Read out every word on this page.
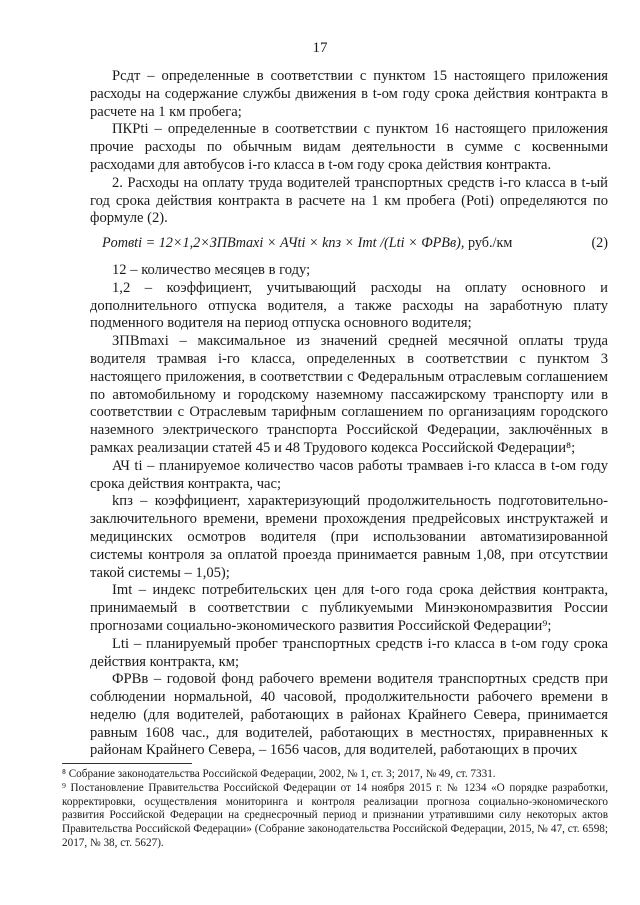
17

Рсдт – определенные в соответствии с пунктом 15 настоящего приложения расходы на содержание службы движения в t-ом году срока действия контракта в расчете на 1 км пробега;

ПКРti – определенные в соответствии с пунктом 16 настоящего приложения прочие расходы по обычным видам деятельности в сумме с косвенными расходами для автобусов i-го класса в t-ом году срока действия контракта.

2. Расходы на оплату труда водителей транспортных средств i-го класса в t-ый год срока действия контракта в расчете на 1 км пробега (Роti) определяются по формуле (2).

Pотвti = 12×1,2×ЗПВmaxi × АЧti × kпз × Imt /(Lti × ФРВв), руб./км	(2)

12 – количество месяцев в году;

1,2 – коэффициент, учитывающий расходы на оплату основного и дополнительного отпуска водителя, а также расходы на заработную плату подменного водителя на период отпуска основного водителя;

ЗПВmaxi – максимальное из значений средней месячной оплаты труда водителя трамвая i-го класса, определенных в соответствии с пунктом 3 настоящего приложения, в соответствии с Федеральным отраслевым соглашением по автомобильному и городскому наземному пассажирскому транспорту или в соответствии с Отраслевым тарифным соглашением по организациям городского наземного электрического транспорта Российской Федерации, заключённых в рамках реализации статей 45 и 48 Трудового кодекса Российской Федерации⁸;

АЧ ti – планируемое количество часов работы трамваев i-го класса в t-ом году срока действия контракта, час;

kпз – коэффициент, характеризующий продолжительность подготовительно-заключительного времени, времени прохождения предрейсовых инструктажей и медицинских осмотров водителя (при использовании автоматизированной системы контроля за оплатой проезда принимается равным 1,08, при отсутствии такой системы – 1,05);

Imt – индекс потребительских цен для t-ого года срока действия контракта, принимаемый в соответствии с публикуемыми Минэкономразвития России прогнозами социально-экономического развития Российской Федерации⁹;

Lti – планируемый пробег транспортных средств i-го класса в t-ом году срока действия контракта, км;

ФРВв – годовой фонд рабочего времени водителя транспортных средств при соблюдении нормальной, 40 часовой, продолжительности рабочего времени в неделю (для водителей, работающих в районах Крайнего Севера, принимается равным 1608 час., для водителей, работающих в местностях, приравненных к районам Крайнего Севера, – 1656 часов, для водителей, работающих в прочих

⁸ Собрание законодательства Российской Федерации, 2002, № 1, ст. 3; 2017, № 49, ст. 7331.

⁹ Постановление Правительства Российской Федерации от 14 ноября 2015 г. № 1234 «О порядке разработки, корректировки, осуществления мониторинга и контроля реализации прогноза социально-экономического развития Российской Федерации на среднесрочный период и признании утратившими силу некоторых актов Правительства Российской Федерации» (Собрание законодательства Российской Федерации, 2015, № 47, ст. 6598; 2017, № 38, ст. 5627).
